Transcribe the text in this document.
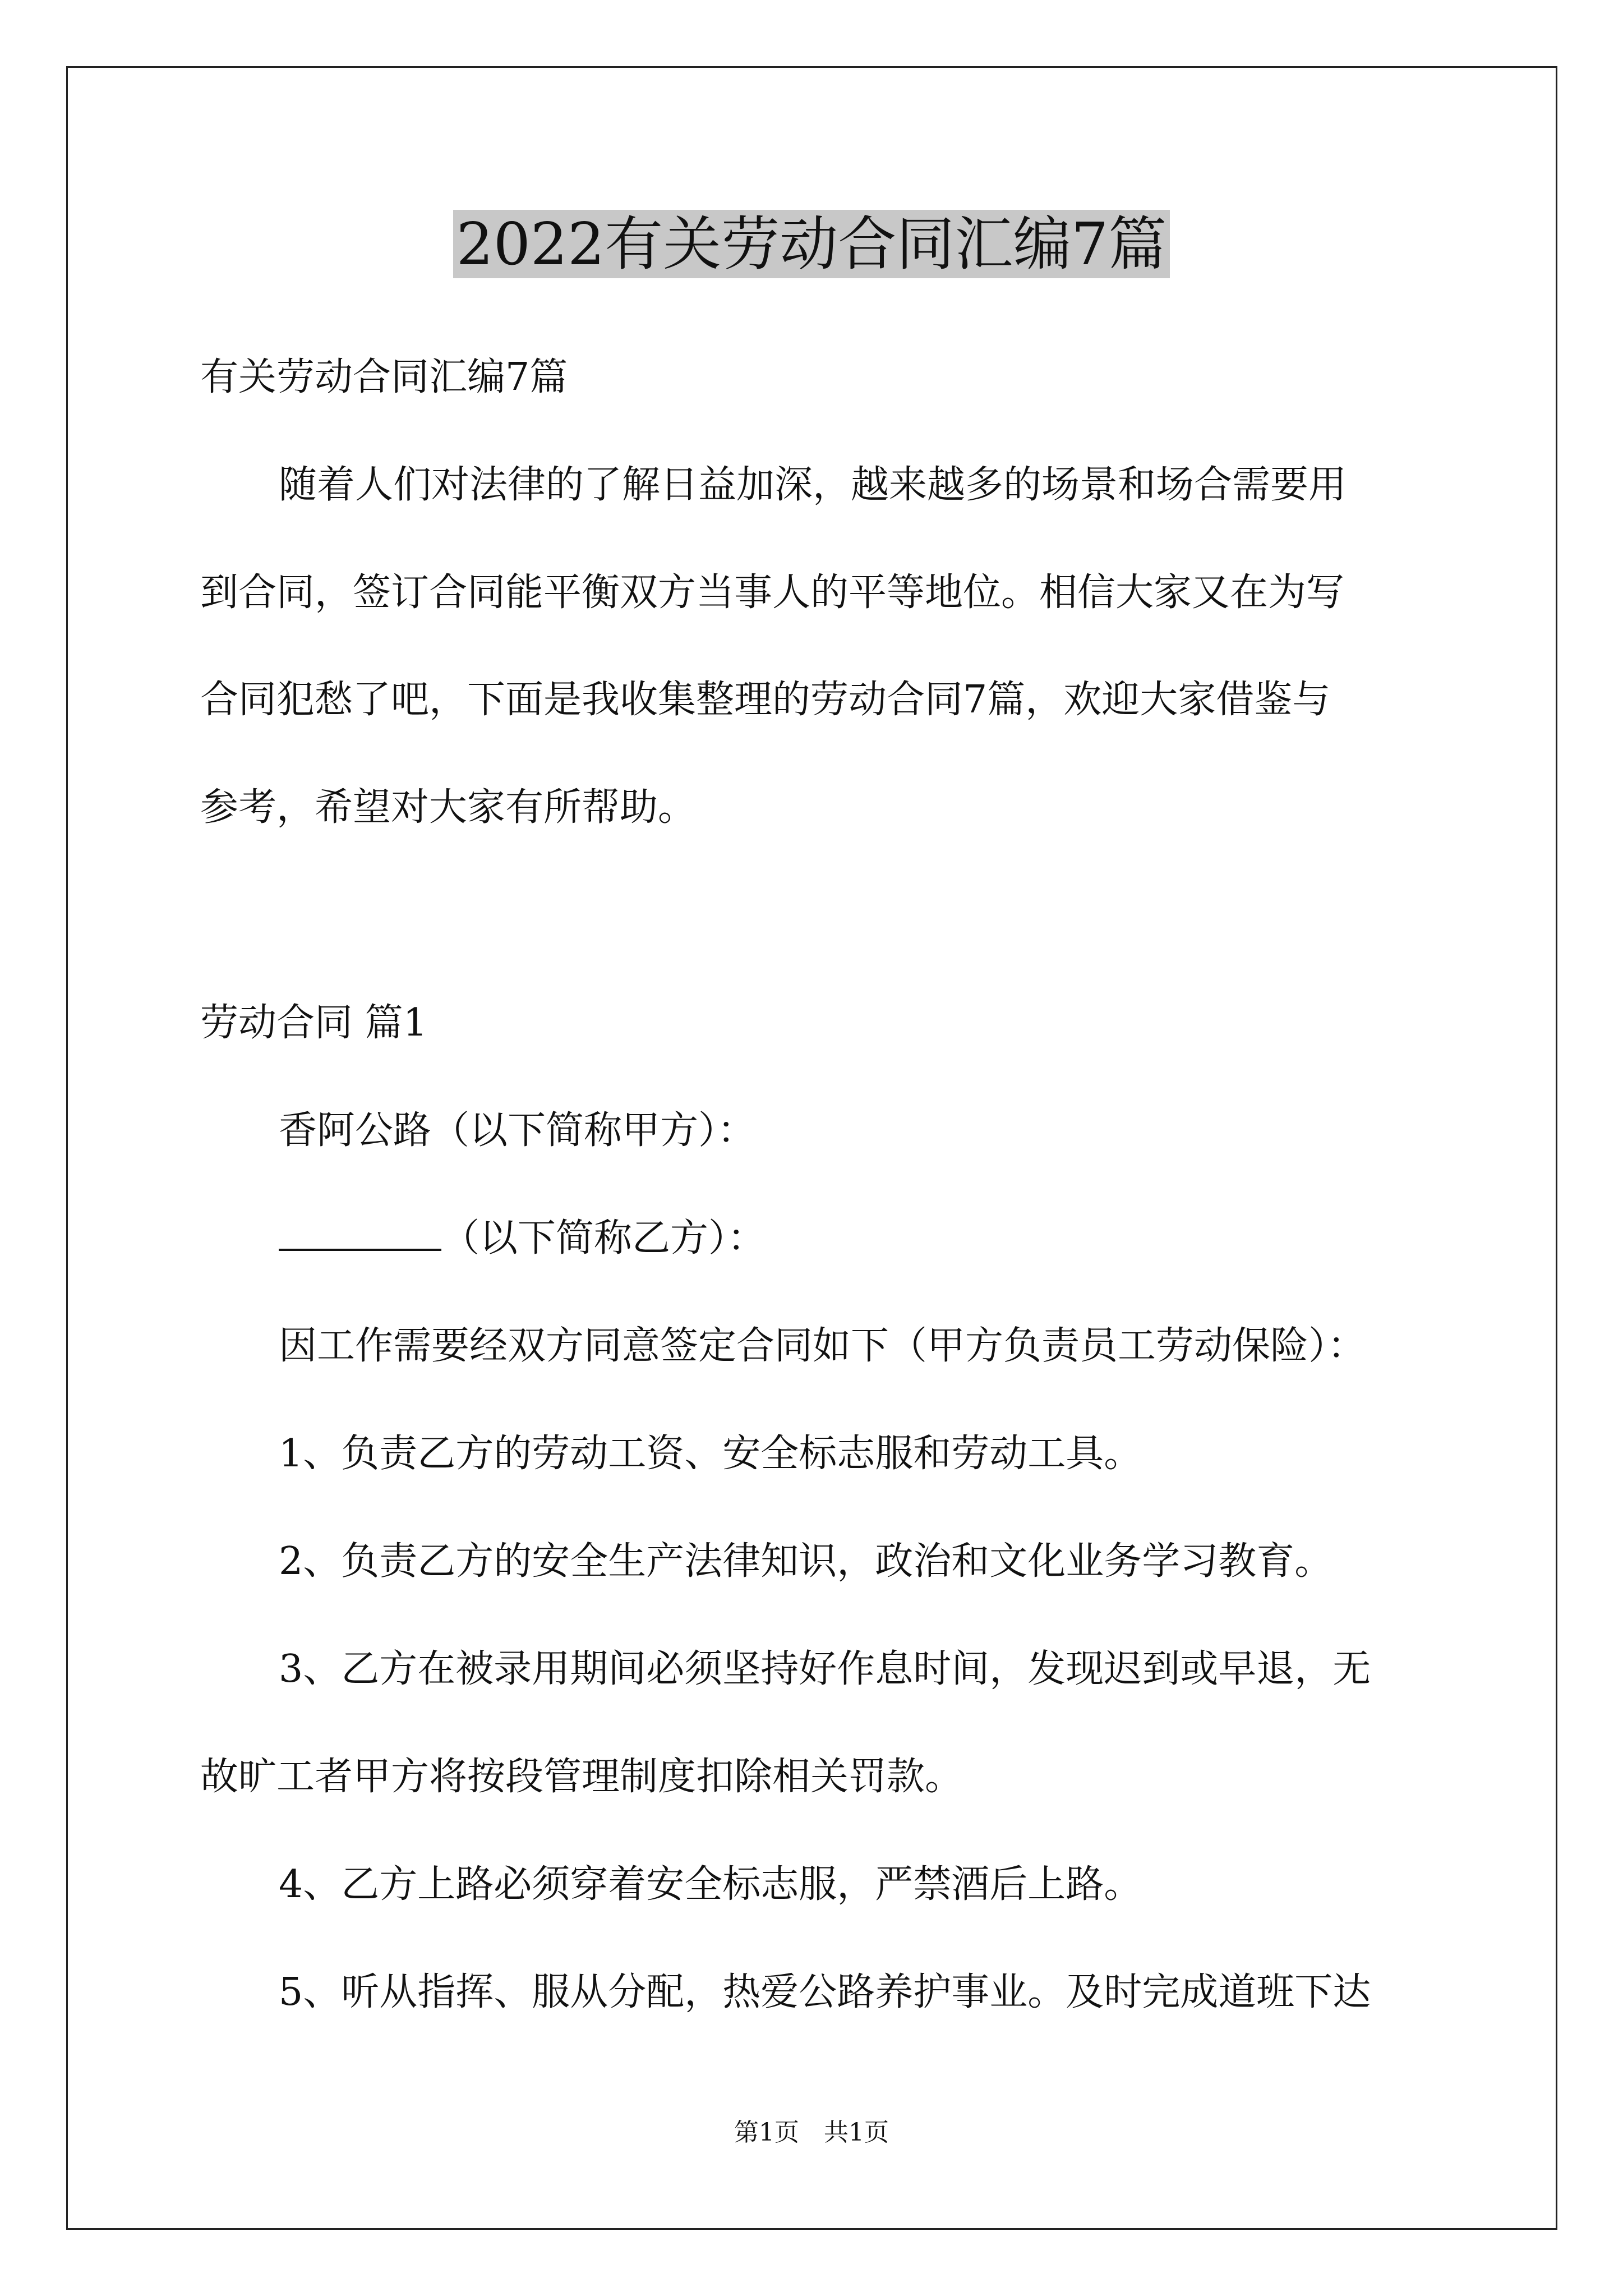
2022有关劳动合同汇编7篇

有关劳动合同汇编7篇

随着人们对法律的了解日益加深，越来越多的场景和场合需要用

到合同，签订合同能平衡双方当事人的平等地位。相信大家又在为写

合同犯愁了吧，下面是我收集整理的劳动合同7篇，欢迎大家借鉴与

参考，希望对大家有所帮助。

劳动合同 篇1

香阿公路（以下简称甲方）：

（以下简称乙方）：

因工作需要经双方同意签定合同如下（甲方负责员工劳动保险）：

1、负责乙方的劳动工资、安全标志服和劳动工具。

2、负责乙方的安全生产法律知识，政治和文化业务学习教育。

3、乙方在被录用期间必须坚持好作息时间，发现迟到或早退，无

故旷工者甲方将按段管理制度扣除相关罚款。

4、乙方上路必须穿着安全标志服，严禁酒后上路。

5、听从指挥、服从分配，热爱公路养护事业。及时完成道班下达

第1页　共1页
